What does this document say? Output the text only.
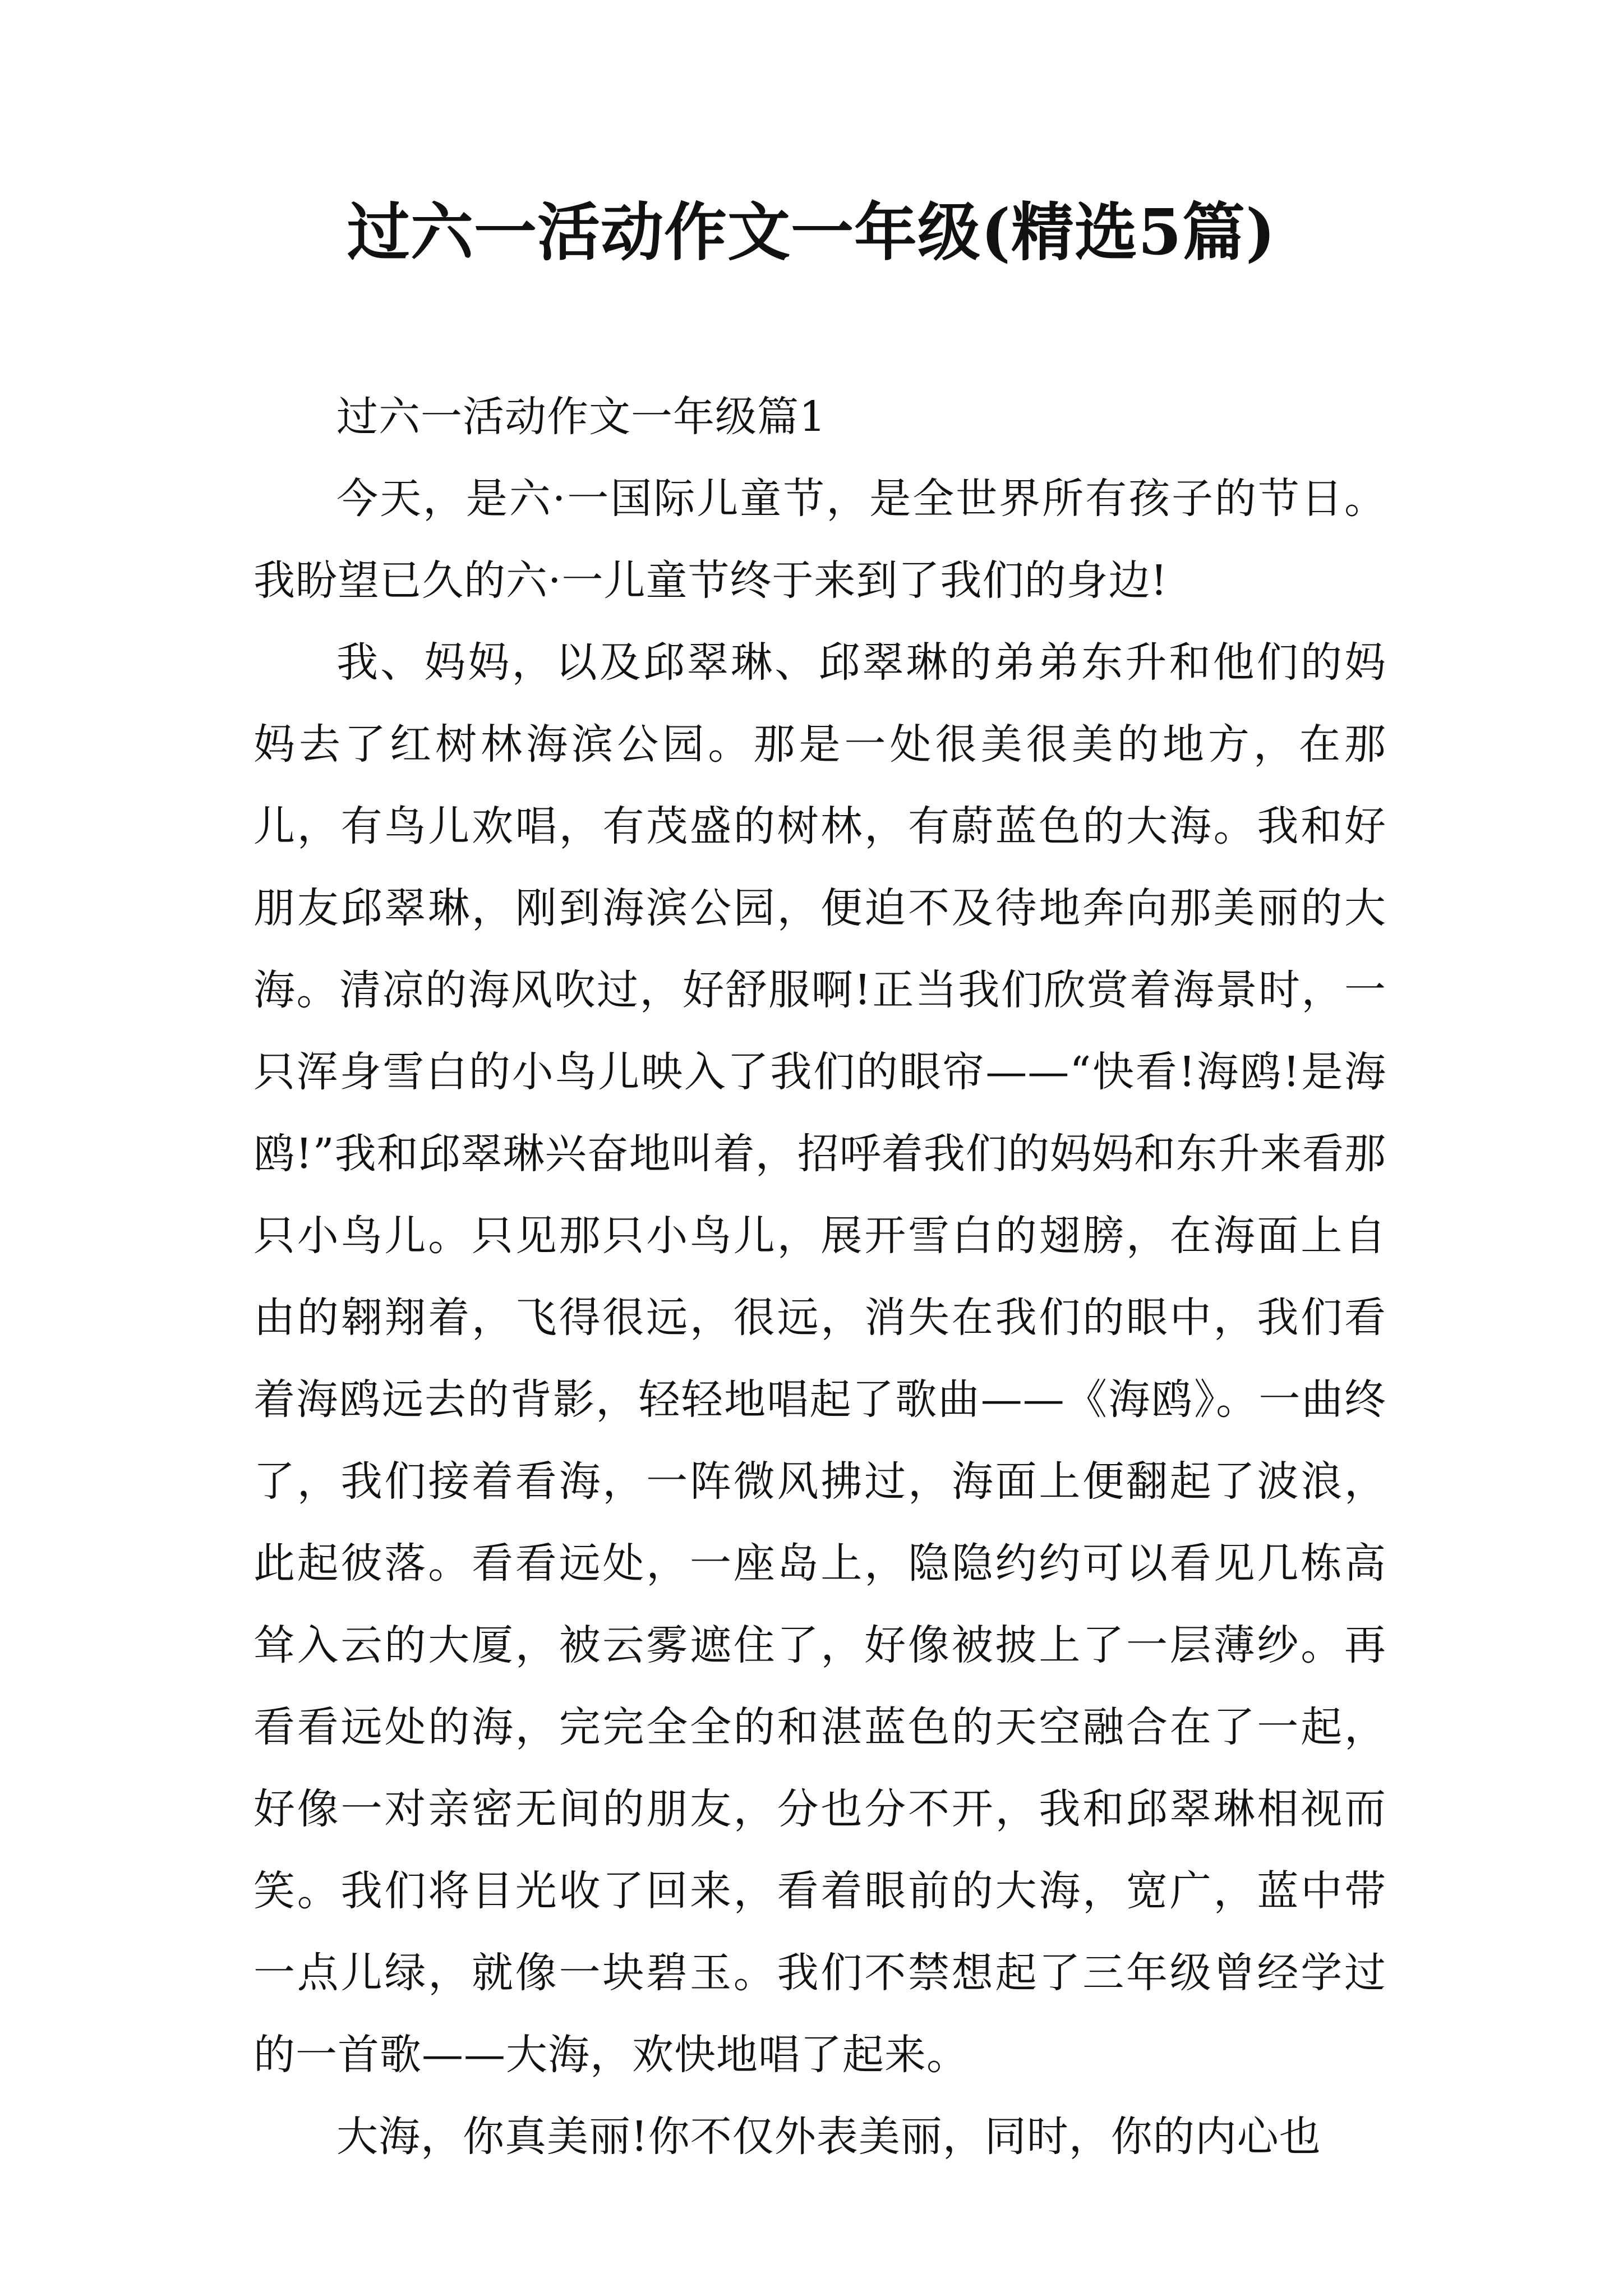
过六一活动作文一年级(精选5篇)

过六一活动作文一年级篇1

今天，是六·一国际儿童节，是全世界所有孩子的节日。我盼望已久的六·一儿童节终于来到了我们的身边!

我、妈妈，以及邱翠琳、邱翠琳的弟弟东升和他们的妈妈去了红树林海滨公园。那是一处很美很美的地方，在那儿，有鸟儿欢唱，有茂盛的树林，有蔚蓝色的大海。我和好朋友邱翠琳，刚到海滨公园，便迫不及待地奔向那美丽的大海。清凉的海风吹过，好舒服啊!正当我们欣赏着海景时，一只浑身雪白的小鸟儿映入了我们的眼帘——“快看!海鸥!是海鸥!”我和邱翠琳兴奋地叫着，招呼着我们的妈妈和东升来看那只小鸟儿。只见那只小鸟儿，展开雪白的翅膀，在海面上自由的翱翔着，飞得很远，很远，消失在我们的眼中，我们看着海鸥远去的背影，轻轻地唱起了歌曲——《海鸥》。一曲终了，我们接着看海，一阵微风拂过，海面上便翻起了波浪，此起彼落。看看远处，一座岛上，隐隐约约可以看见几栋高耸入云的大厦，被云雾遮住了，好像被披上了一层薄纱。再看看远处的海，完完全全的和湛蓝色的天空融合在了一起，好像一对亲密无间的朋友，分也分不开，我和邱翠琳相视而笑。我们将目光收了回来，看着眼前的大海，宽广，蓝中带一点儿绿，就像一块碧玉。我们不禁想起了三年级曾经学过的一首歌——大海，欢快地唱了起来。

大海，你真美丽!你不仅外表美丽，同时，你的内心也
